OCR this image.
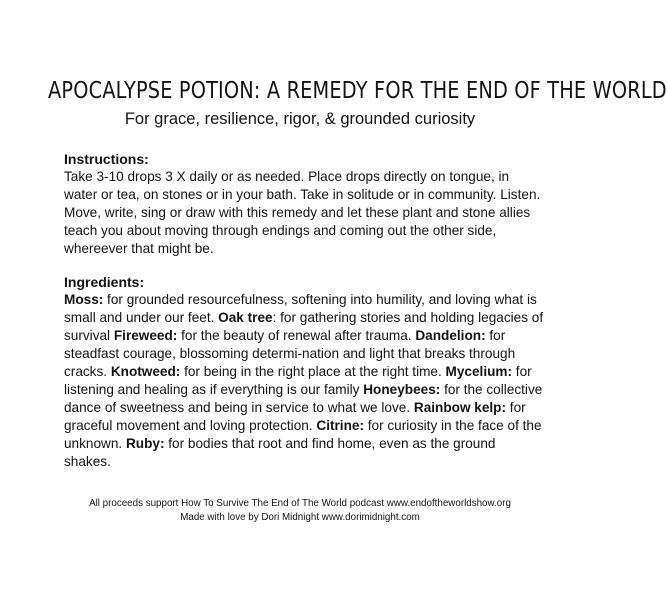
APOCALYPSE POTION: A REMEDY FOR THE END OF THE WORLD
For grace, resilience, rigor, & grounded curiosity
Instructions:

Take 3-10 drops 3 X daily or as needed. Place drops directly on tongue, in water or tea, on stones or in your bath. Take in solitude or in community. Listen. Move, write, sing or draw with this remedy and let these plant and stone allies teach you about moving through endings and coming out the other side, whereever that might be.

Ingredients:

Moss: for grounded resourcefulness, softening into humility, and loving what is small and under our feet. Oak tree: for gathering stories and holding legacies of survival Fireweed: for the beauty of renewal after trauma. Dandelion: for steadfast courage, blossoming determi-nation and light that breaks through cracks. Knotweed: for being in the right place at the right time. Mycelium: for listening and healing as if everything is our family Honeybees: for the collective dance of sweetness and being in service to what we love. Rainbow kelp: for graceful movement and loving protection. Citrine: for curiosity in the face of the unknown. Ruby: for bodies that root and find home, even as the ground shakes.

All proceeds support How To Survive The End of The World podcast www.endoftheworldshow.org
Made with love by Dori Midnight www.dorimidnight.com
